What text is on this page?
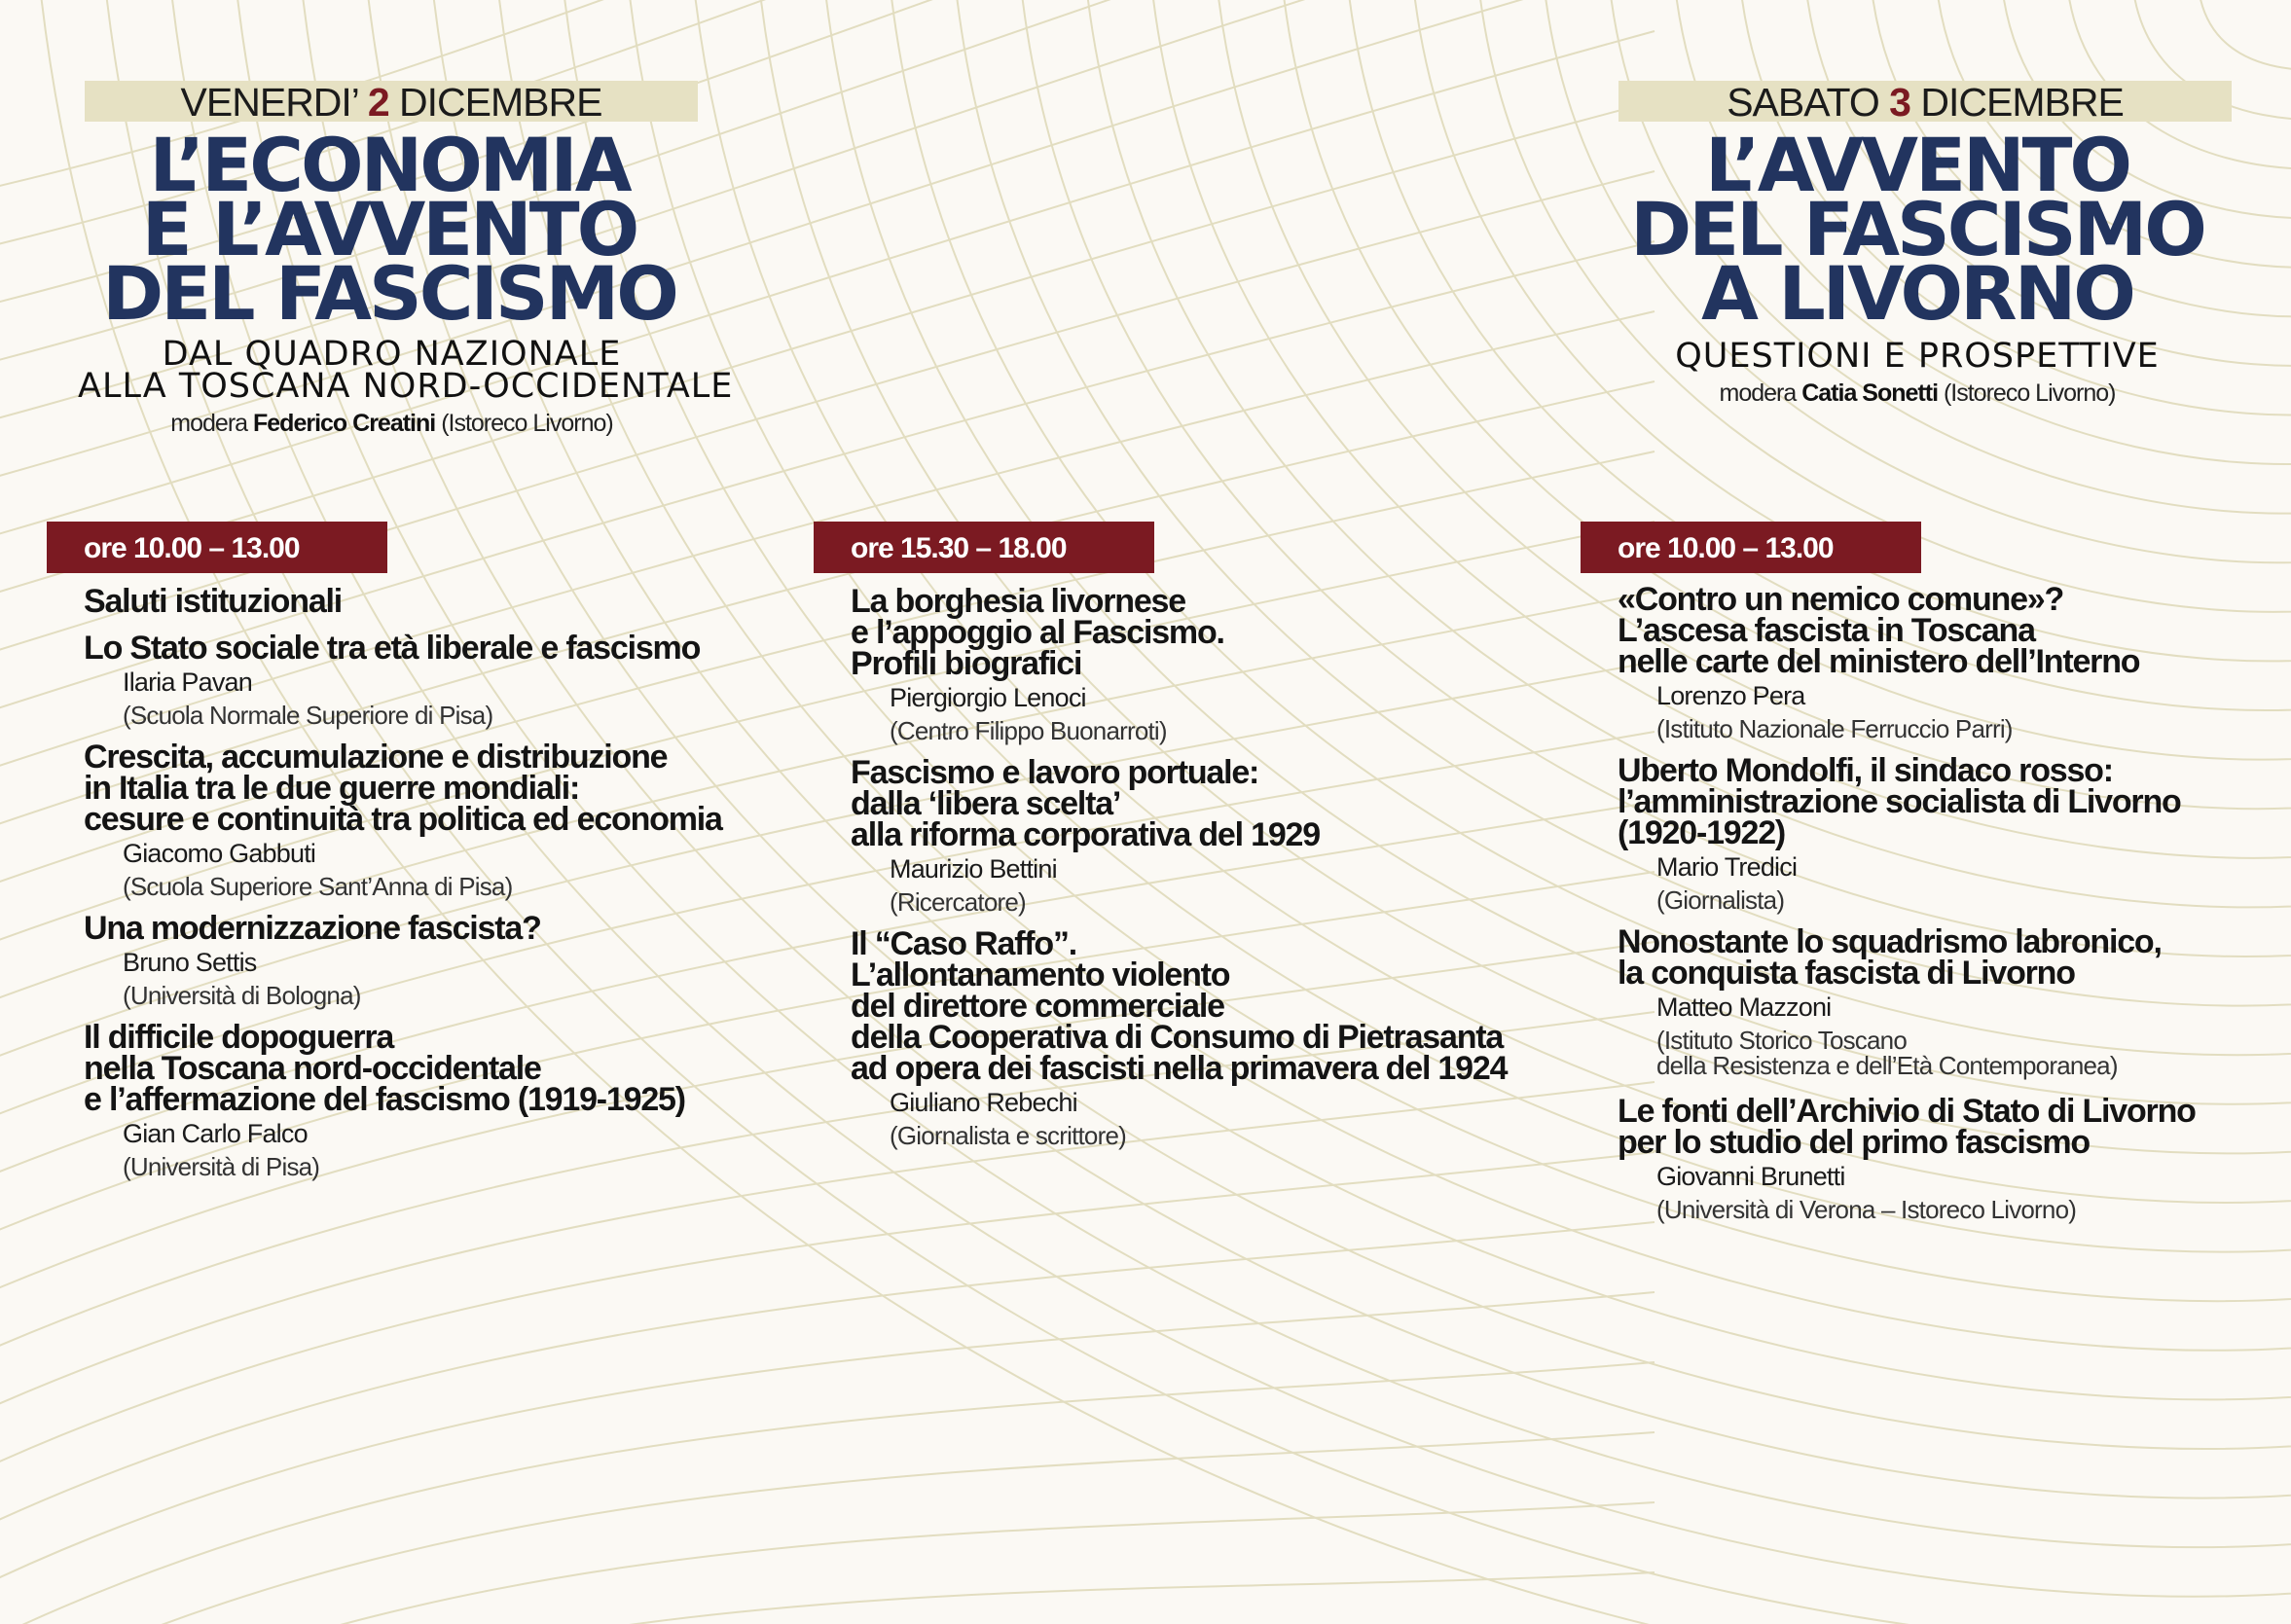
VENERDI’ 2 DICEMBRE
L’ECONOMIA
E L’AVVENTO
DEL FASCISMO
DAL QUADRO NAZIONALE
ALLA TOSCANA NORD-OCCIDENTALE
modera Federico Creatini (Istoreco Livorno)
SABATO 3 DICEMBRE
L’AVVENTO
DEL FASCISMO
A LIVORNO
QUESTIONI E PROSPETTIVE
modera Catia Sonetti (Istoreco Livorno)
ore 10.00 – 13.00	ore 15.30 – 18.00	ore 10.00 – 13.00
Saluti istituzionali
Lo Stato sociale tra età liberale e fascismo
Ilaria Pavan
(Scuola Normale Superiore di Pisa)
Crescita, accumulazione e distribuzione
in Italia tra le due guerre mondiali:
cesure e continuità tra politica ed economia
Giacomo Gabbuti
(Scuola Superiore Sant’Anna di Pisa)
Una modernizzazione fascista?
Bruno Settis
(Università di Bologna)
Il difficile dopoguerra
nella Toscana nord-occidentale
e l’affermazione del fascismo (1919-1925)
Gian Carlo Falco
(Università di Pisa)
La borghesia livornese
e l’appoggio al Fascismo.
Profili biografici
Piergiorgio Lenoci
(Centro Filippo Buonarroti)
Fascismo e lavoro portuale:
dalla ‘libera scelta’
alla riforma corporativa del 1929
Maurizio Bettini
(Ricercatore)
Il “Caso Raffo”.
L’allontanamento violento
del direttore commerciale
della Cooperativa di Consumo di Pietrasanta
ad opera dei fascisti nella primavera del 1924
Giuliano Rebechi
(Giornalista e scrittore)
«Contro un nemico comune»?
L’ascesa fascista in Toscana
nelle carte del ministero dell’Interno
Lorenzo Pera
(Istituto Nazionale Ferruccio Parri)
Uberto Mondolfi, il sindaco rosso:
l’amministrazione socialista di Livorno
(1920-1922)
Mario Tredici
(Giornalista)
Nonostante lo squadrismo labronico,
la conquista fascista di Livorno
Matteo Mazzoni
(Istituto Storico Toscano
della Resistenza e dell’Età Contemporanea)
Le fonti dell’Archivio di Stato di Livorno
per lo studio del primo fascismo
Giovanni Brunetti
(Università di Verona – Istoreco Livorno)
